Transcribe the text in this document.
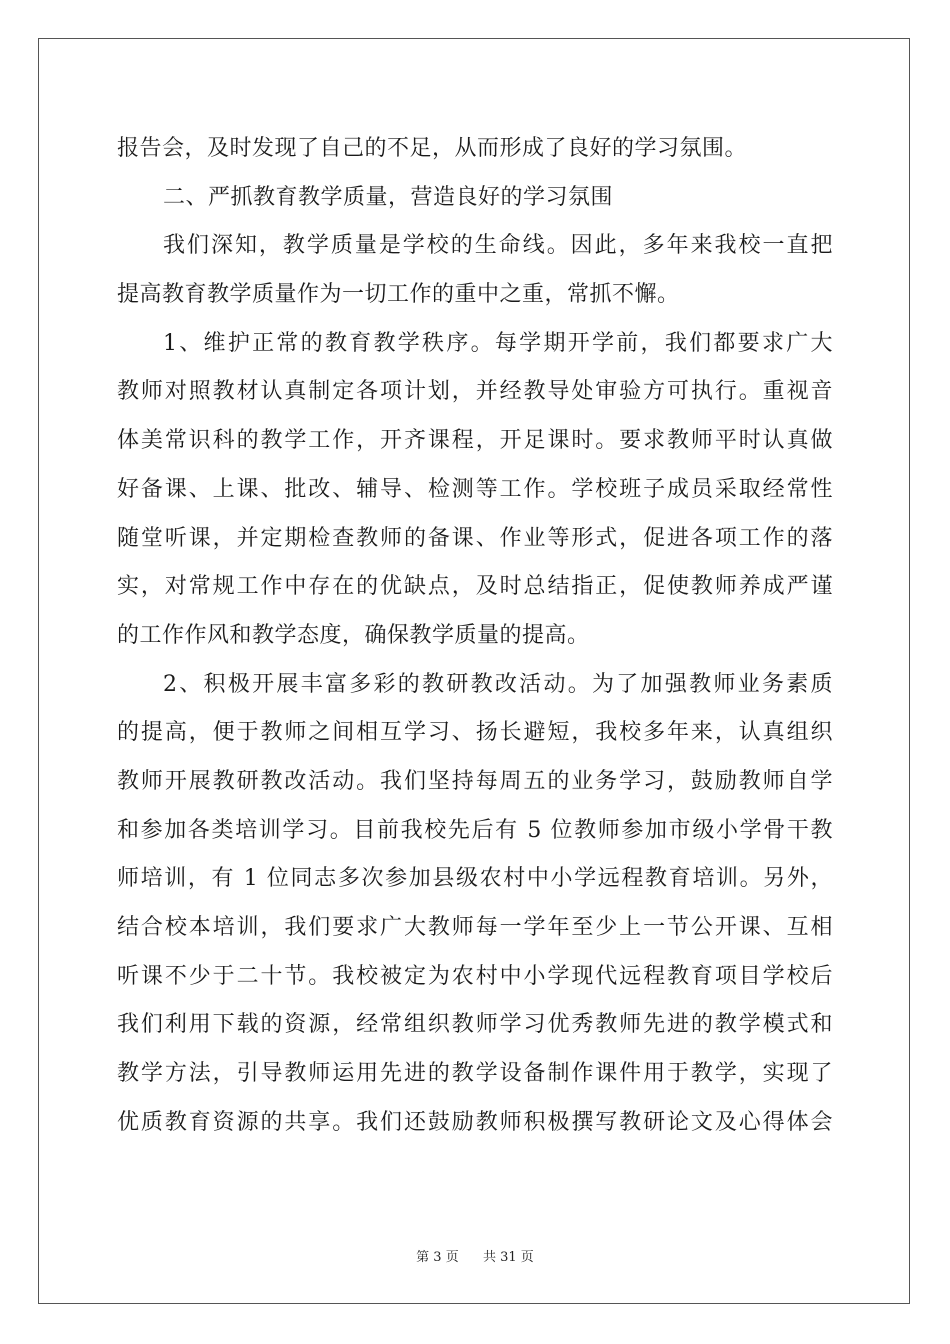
报告会，及时发现了自己的不足，从而形成了良好的学习氛围。
二、严抓教育教学质量，营造良好的学习氛围
我们深知，教学质量是学校的生命线。因此，多年来我校一直把
提高教育教学质量作为一切工作的重中之重，常抓不懈。
1、维护正常的教育教学秩序。每学期开学前，我们都要求广大
教师对照教材认真制定各项计划，并经教导处审验方可执行。重视音
体美常识科的教学工作，开齐课程，开足课时。要求教师平时认真做
好备课、上课、批改、辅导、检测等工作。学校班子成员采取经常性
随堂听课，并定期检查教师的备课、作业等形式，促进各项工作的落
实，对常规工作中存在的优缺点，及时总结指正，促使教师养成严谨
的工作作风和教学态度，确保教学质量的提高。
2、积极开展丰富多彩的教研教改活动。为了加强教师业务素质
的提高，便于教师之间相互学习、扬长避短，我校多年来，认真组织
教师开展教研教改活动。我们坚持每周五的业务学习，鼓励教师自学
和参加各类培训学习。目前我校先后有 5 位教师参加市级小学骨干教
师培训，有 1 位同志多次参加县级农村中小学远程教育培训。另外，
结合校本培训，我们要求广大教师每一学年至少上一节公开课、互相
听课不少于二十节。我校被定为农村中小学现代远程教育项目学校后
我们利用下载的资源，经常组织教师学习优秀教师先进的教学模式和
教学方法，引导教师运用先进的教学设备制作课件用于教学，实现了
优质教育资源的共享。我们还鼓励教师积极撰写教研论文及心得体会
第 3 页 共 31 页
